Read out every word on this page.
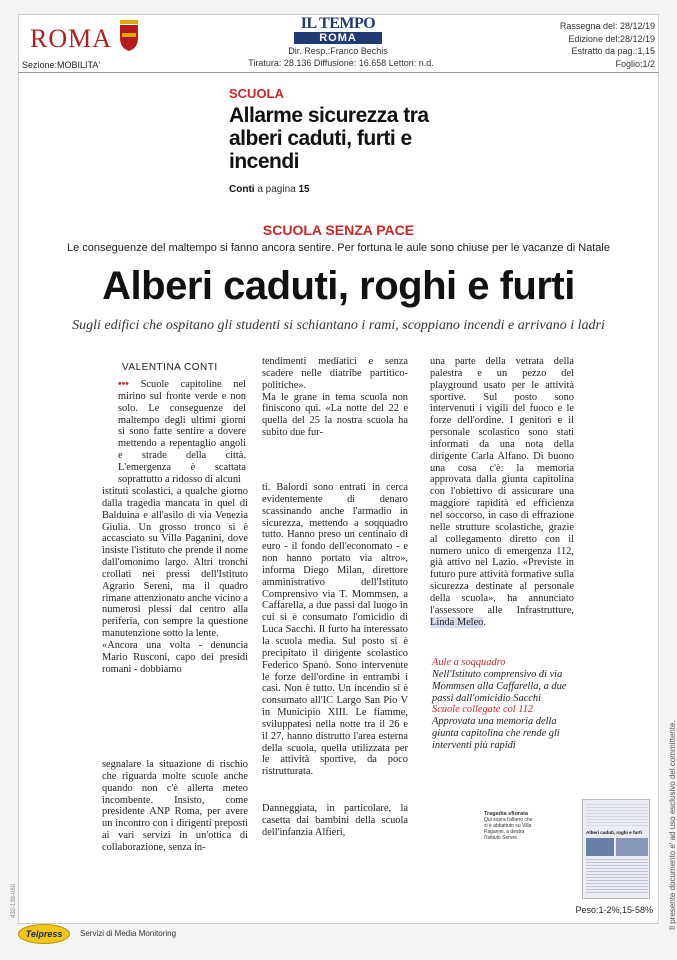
ROMA
Sezione:MOBILITA'
IL TEMPO
ROMA
Dir. Resp.:Franco Bechis
Tiratura: 28.136 Diffusione: 16.658 Lettori: n.d.
Rassegna del: 28/12/19
Edizione del:28/12/19
Estratto da pag.:1,15
Foglio:1/2
SCUOLA
Allarme sicurezza tra alberi caduti, furti e incendi
Conti a pagina 15
SCUOLA SENZA PACE
Le conseguenze del maltempo si fanno ancora sentire. Per fortuna le aule sono chiuse per le vacanze di Natale
Alberi caduti, roghi e furti
Sugli edifici che ospitano gli studenti si schiantano i rami, scoppiano incendi e arrivano i ladri
VALENTINA CONTI

••• Scuole capitoline nel mirino sul fronte verde e non solo. Le conseguenze del maltempo degli ultimi giorni si sono fatte sentire a dovere mettendo a repentaglio angoli e strade della città. L'emergenza è scattata soprattutto a ridosso di alcuni

istituti scolastici, a qualche giorno dalla tragedia mancata in quel di Balduina e all'asilo di via Venezia Giulia. Un grosso tronco si è accasciato su Villa Paganini, dove insiste l'istituto che prende il nome dall'omonimo largo. Altri tronchi crollati nei pressi dell'Istituto Agrario Sereni, ma il quadro rimane attenzionato anche vicino a numerosi plessi dal centro alla periferia, con sempre la questione manutenzione sotto la lente.

«Ancora una volta - denuncia Mario Rusconi, capo dei presidi romani - dobbiamo

segnalare la situazione di rischio che riguarda molte scuole anche quando non c'è allerta meteo incombente. Insisto, come presidente ANP Roma, per avere un incontro con i dirigenti preposti ai vari servizi in un'ottica di collaborazione, senza in-

tendimenti mediatici e senza scadere nelle diatribe partitico-politiche».

Ma le grane in tema scuola non finiscono qui. «La notte del 22 e quella del 25 la nostra scuola ha subito due fur-

ti. Balordi sono entrati in cerca evidentemente di denaro scassinando anche l'armadio in sicurezza, mettendo a soqquadro tutto. Hanno preso un centinaio di euro - il fondo dell'economato - e non hanno portato via altro», informa Diego Milan, direttore amministrativo dell'Istituto Comprensivo via T. Mommsen, a Caffarella, a due passi dal luogo in cui si è consumato l'omicidio di Luca Sacchi. Il furto ha interessato la scuola media. Sul posto si è precipitato il dirigente scolastico Federico Spanò. Sono intervenute le forze dell'ordine in entrambi i casi. Non è tutto. Un incendio si è consumato all'IC Largo San Pio V in Municipio XIII. Le fiamme, sviluppatesi nella notte tra il 26 e il 27, hanno distrutto l'area esterna della scuola, quella utilizzata per le attività sportive, da poco ristrutturata.

Danneggiata, in particolare, la casetta dai bambini della scuola dell'infanzia Alfieri,

una parte della vetrata della palestra e un pezzo del playground usato per le attività sportive. Sul posto sono intervenuti i vigili del fuoco e le forze dell'ordine. I genitori e il personale scolastico sono stati informati da una nota della dirigente Carla Alfano. Di buono una cosa c'è: la memoria approvata dalla giunta capitolina con l'obiettivo di assicurare una maggiore rapidità ed efficienza nel soccorso, in caso di effrazione nelle strutture scolastiche, grazie al collegamento diretto con il numero unico di emergenza 112, già attivo nel Lazio. «Previste in futuro pure attività formative sulla sicurezza destinate al personale della scuola», ha annunciato l'assessore alle Infrastrutture, Linda Meleo.

Aule a soqquadro
Nell'Istituto comprensivo di via Mommsen alla Caffarella, a due passi dall'omicidio Sacchi
Scuole collegate col 112
Approvata una memoria della giunta capitolina che rende gli interventi più rapidi
Tragedia sfiorata
Qui sopra l'albero che si è abbattuto su Villa Paganini, a destra l'Istituto Sereni
Alberi caduti, roghi e furti
Peso:1-2%,15-58% Il presente documento e' ad uso esclusivo del committente.
432-139-080
Telpress	Servizi di Media Monitoring
